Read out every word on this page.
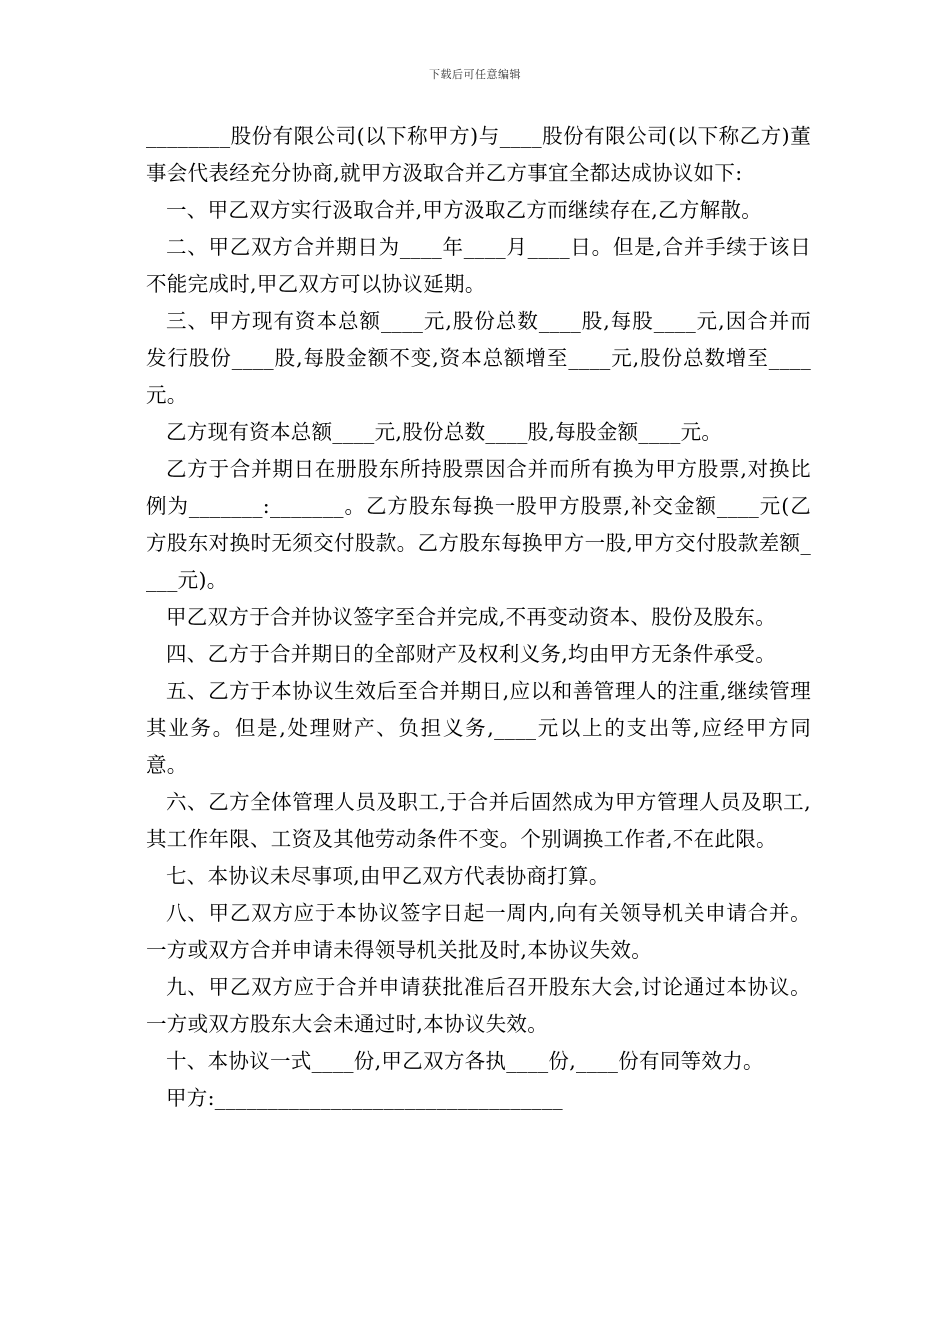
下载后可任意编辑

________股份有限公司(以下称甲方)与____股份有限公司(以下称乙方)董事会代表经充分协商,就甲方汲取合并乙方事宜全都达成协议如下:

一、甲乙双方实行汲取合并,甲方汲取乙方而继续存在,乙方解散。

二、甲乙双方合并期日为____年____月____日。但是,合并手续于该日不能完成时,甲乙双方可以协议延期。

三、甲方现有资本总额____元,股份总数____股,每股____元,因合并而发行股份____股,每股金额不变,资本总额增至____元,股份总数增至____元。

乙方现有资本总额____元,股份总数____股,每股金额____元。

乙方于合并期日在册股东所持股票因合并而所有换为甲方股票,对换比例为_______:_______。乙方股东每换一股甲方股票,补交金额____元(乙方股东对换时无须交付股款。乙方股东每换甲方一股,甲方交付股款差额____元)。

甲乙双方于合并协议签字至合并完成,不再变动资本、股份及股东。

四、乙方于合并期日的全部财产及权利义务,均由甲方无条件承受。

五、乙方于本协议生效后至合并期日,应以和善管理人的注重,继续管理其业务。但是,处理财产、负担义务,____元以上的支出等,应经甲方同意。

六、乙方全体管理人员及职工,于合并后固然成为甲方管理人员及职工,其工作年限、工资及其他劳动条件不变。个别调换工作者,不在此限。

七、本协议未尽事项,由甲乙双方代表协商打算。

八、甲乙双方应于本协议签字日起一周内,向有关领导机关申请合并。一方或双方合并申请未得领导机关批及时,本协议失效。

九、甲乙双方应于合并申请获批准后召开股东大会,讨论通过本协议。一方或双方股东大会未通过时,本协议失效。

十、本协议一式____份,甲乙双方各执____份,____份有同等效力。

甲方:_________________________________
